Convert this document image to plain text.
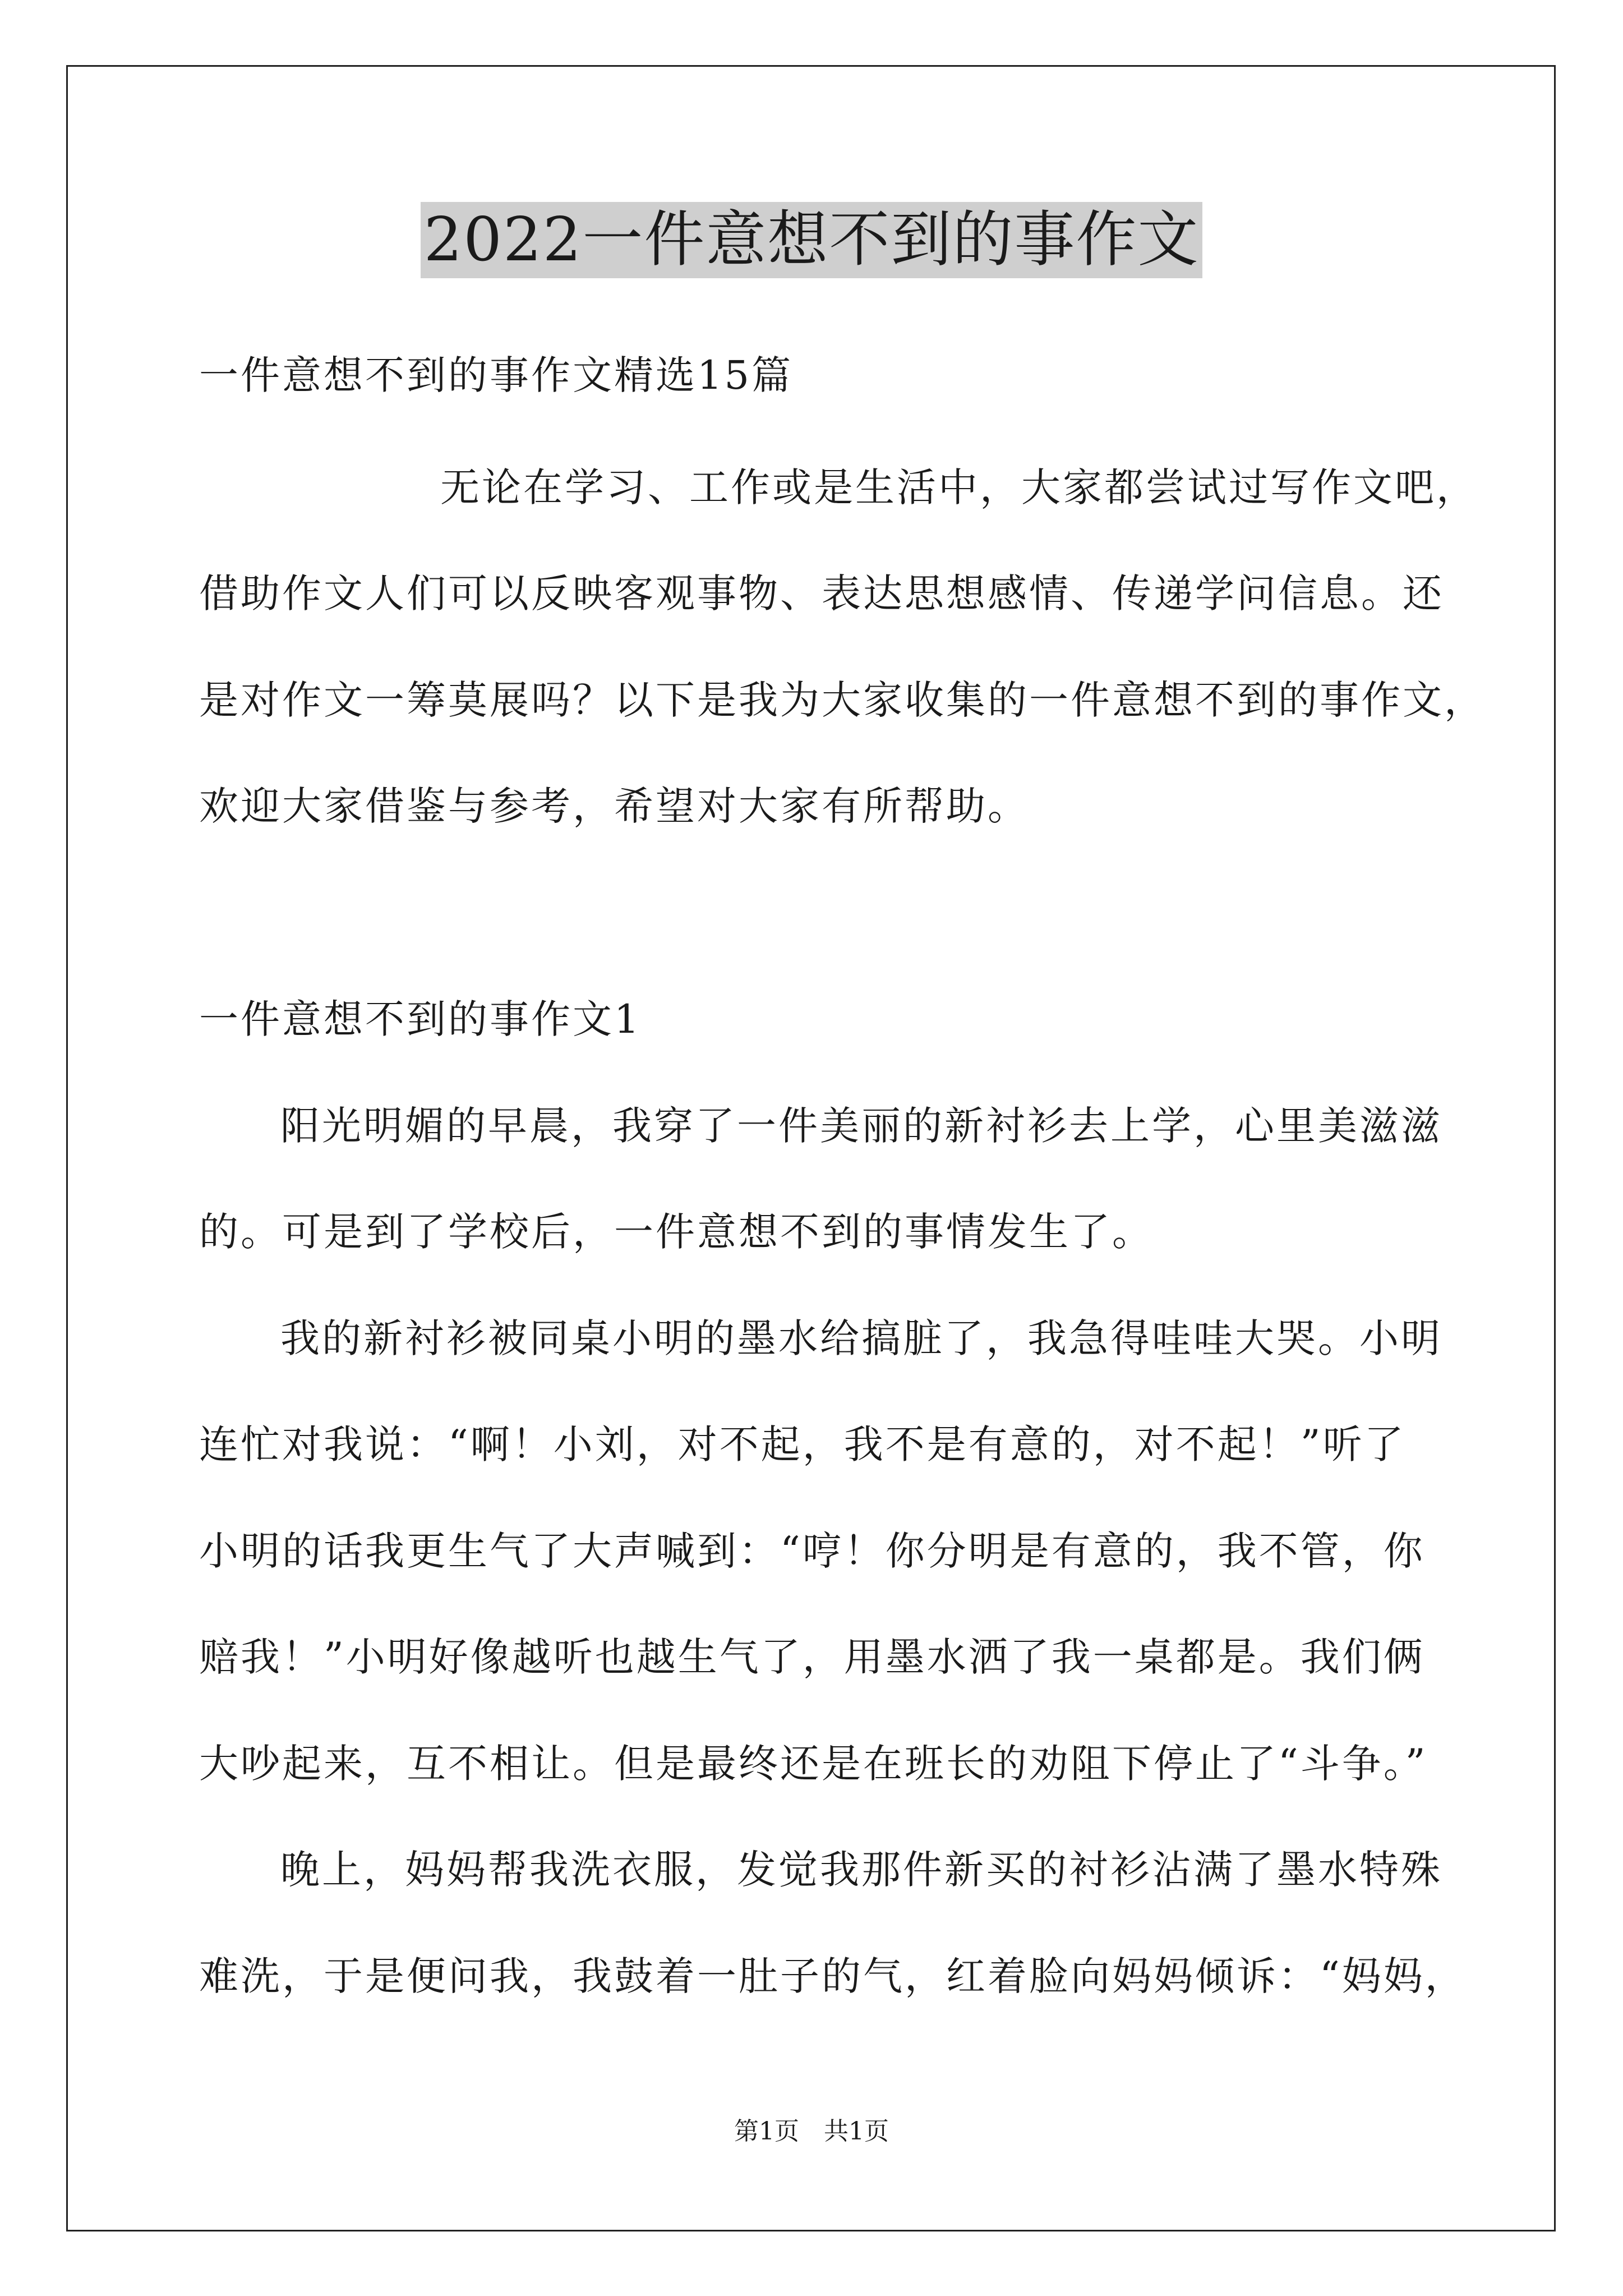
2022一件意想不到的事作文
一件意想不到的事作文精选15篇
无论在学习、工作或是生活中，大家都尝试过写作文吧，
借助作文人们可以反映客观事物、表达思想感情、传递学问信息。还
是对作文一筹莫展吗？以下是我为大家收集的一件意想不到的事作文，
欢迎大家借鉴与参考，希望对大家有所帮助。
一件意想不到的事作文1
阳光明媚的早晨，我穿了一件美丽的新衬衫去上学，心里美滋滋
的。可是到了学校后，一件意想不到的事情发生了。
我的新衬衫被同桌小明的墨水给搞脏了，我急得哇哇大哭。小明
连忙对我说：“啊！小刘，对不起，我不是有意的，对不起！”听了
小明的话我更生气了大声喊到：“哼！你分明是有意的，我不管，你
赔我！”小明好像越听也越生气了，用墨水洒了我一桌都是。我们俩
大吵起来，互不相让。但是最终还是在班长的劝阻下停止了“斗争。”
晚上，妈妈帮我洗衣服，发觉我那件新买的衬衫沾满了墨水特殊
难洗，于是便问我，我鼓着一肚子的气，红着脸向妈妈倾诉：“妈妈，
第1页　共1页
